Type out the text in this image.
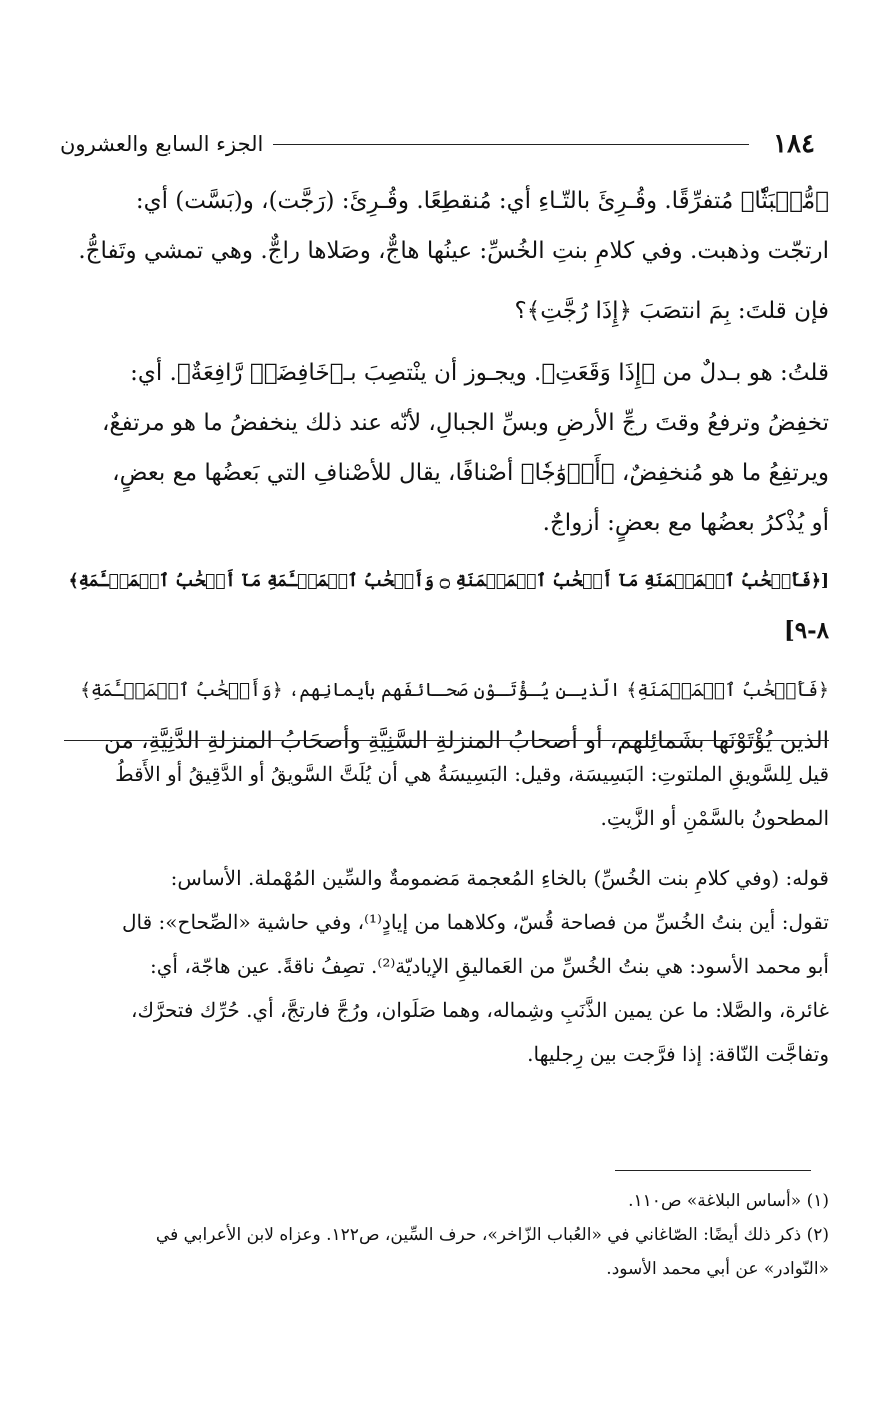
١٨٤
الجزء السابع والعشرون
﴿مُّنۢبَثّٗا﴾ مُتفرِّقًا. وقُـرِئَ بالتّـاءِ أي: مُنقطِعًا. وقُـرِئَ: (رَجَّت)، و(بَسَّت) أي:
ارتجّت وذهبت. وفي كلامِ بنتِ الخُسِّ: عينُها هاجٌّ، وصَلاها راجٌّ. وهي تمشي وتَفاجُّ.
فإن قلتَ: بِمَ انتصَبَ ﴿إِذَا رُجَّتِ﴾؟
قلتُ: هو بـدلٌ من ﴿إِذَا وَقَعَتِ﴾. ويجـوز أن ينْتصِبَ بـ﴿خَافِضَةٞ رَّافِعَةٌ﴾. أي:
تخفِضُ وترفعُ وقتَ رجِّ الأرضِ وبسِّ الجبالِ، لأنّه عند ذلك ينخفضُ ما هو مرتفعٌ،
ويرتفِعُ ما هو مُنخفِضٌ، ﴿أَزۡوَٰجٗا﴾ أصْنافًا، يقال للأصْنافِ التي بَعضُها مع بعضٍ،
أو يُذْكرُ بعضُها مع بعضٍ: أزواجٌ.
[﴿فَأَصۡحَٰبُ ٱلۡمَيۡمَنَةِ مَآ أَصۡحَٰبُ ٱلۡمَيۡمَنَةِ ۝ وَأَصۡحَٰبُ ٱلۡمَشۡـَٔمَةِ مَآ أَصۡحَٰبُ ٱلۡمَشۡـَٔمَةِ﴾
٨-٩]
﴿فَأَصۡحَٰبُ ٱلۡمَيۡمَنَةِ﴾ الّذيـن يُـؤْتَـوْن صَحـائفَهم بأيمانِهم، ﴿وَأَصۡحَٰبُ ٱلۡمَشۡـَٔمَةِ﴾
الذين يُؤْتَوْنَها بشَمائِلهم، أو أصحابُ المنزلةِ السَّنِيَّةِ وأصحَابُ المنزلةِ الدَّنِيَّةِ، من
قيل لِلسَّويقِ الملتوتِ: البَسِيسَة، وقيل: البَسِيسَةُ هي أن يُلَتَّ السَّويقُ أو الدَّقِيقُ أو الأَقطُ
المطحونُ بالسَّمْنِ أو الزَّيتِ.
قوله: (وفي كلامِ بنت الخُسِّ) بالخاءِ المُعجمة مَضمومةٌ والسِّين المُهْملة. الأساس:
تقول: أين بنتُ الخُسِّ من فصاحة قُسّ، وكلاهما من إيادٍ⁽¹⁾، وفي حاشية «الصِّحاح»: قال
أبو محمد الأسود: هي بنتُ الخُسِّ من العَماليقِ الإياديّة⁽²⁾. تصِفُ ناقةً. عين هاجّة، أي:
غائرة، والصَّلا: ما عن يمين الذَّنَبِ وشِماله، وهما صَلَوان، ورُجَّ فارتجَّ، أي. حُرِّك فتحرَّك،
وتفاجَّت النّاقة: إذا فرَّجت بين رِجليها.
(١) «أساس البلاغة» ص١١٠.
(٢) ذكر ذلك أيضًا: الصّاغاني في «العُباب الزّاخر»، حرف السِّين، ص١٢٢. وعزاه لابن الأعرابي في
«النّوادر» عن أبي محمد الأسود.
